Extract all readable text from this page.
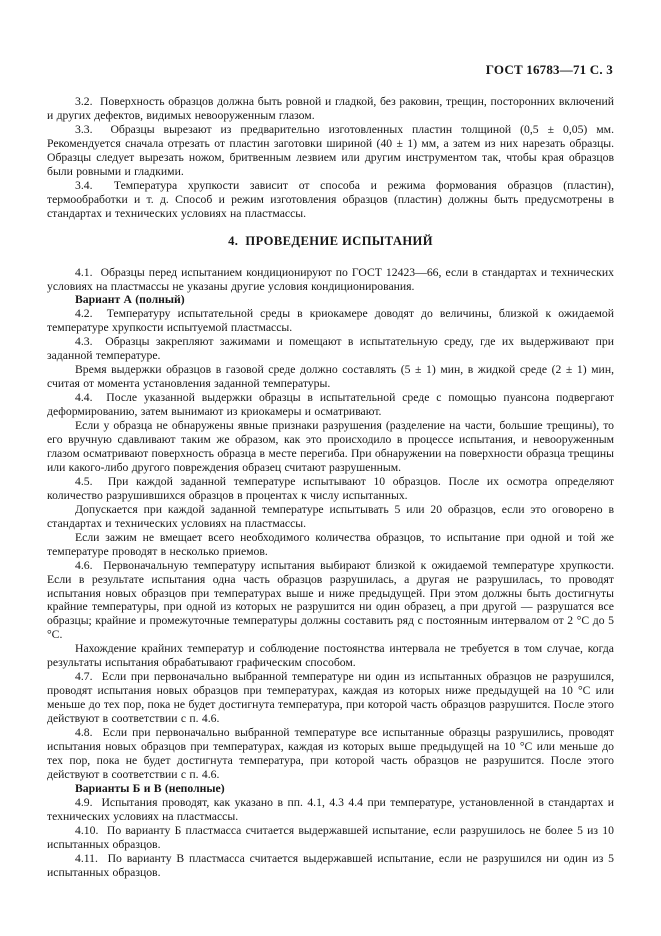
ГОСТ 16783—71 С. 3

3.2.  Поверхность образцов должна быть ровной и гладкой, без раковин, трещин, посторонних включений и других дефектов, видимых невооруженным глазом.

3.3.  Образцы вырезают из предварительно изготовленных пластин толщиной (0,5 ± 0,05) мм. Рекомендуется сначала отрезать от пластин заготовки шириной (40 ± 1) мм, а затем из них нарезать образцы. Образцы следует вырезать ножом, бритвенным лезвием или другим инструментом так, чтобы края образцов были ровными и гладкими.

3.4.  Температура хрупкости зависит от способа и режима формования образцов (пластин), термообработки и т. д. Способ и режим изготовления образцов (пластин) должны быть предусмотрены в стандартах и технических условиях на пластмассы.

4.  ПРОВЕДЕНИЕ ИСПЫТАНИЙ

4.1.  Образцы перед испытанием кондиционируют по ГОСТ 12423—66, если в стандартах и технических условиях на пластмассы не указаны другие условия кондиционирования.

Вариант А (полный)

4.2.  Температуру испытательной среды в криокамере доводят до величины, близкой к ожидаемой температуре хрупкости испытуемой пластмассы.

4.3.  Образцы закрепляют зажимами и помещают в испытательную среду, где их выдерживают при заданной температуре.

Время выдержки образцов в газовой среде должно составлять (5 ± 1) мин, в жидкой среде (2 ± 1) мин, считая от момента установления заданной температуры.

4.4.  После указанной выдержки образцы в испытательной среде с помощью пуансона подвергают деформированию, затем вынимают из криокамеры и осматривают.

Если у образца не обнаружены явные признаки разрушения (разделение на части, большие трещины), то его вручную сдавливают таким же образом, как это происходило в процессе испытания, и невооруженным глазом осматривают поверхность образца в месте перегиба. При обнаружении на поверхности образца трещины или какого-либо другого повреждения образец считают разрушенным.

4.5.  При каждой заданной температуре испытывают 10 образцов. После их осмотра определяют количество разрушившихся образцов в процентах к числу испытанных.

Допускается при каждой заданной температуре испытывать 5 или 20 образцов, если это оговорено в стандартах и технических условиях на пластмассы.

Если зажим не вмещает всего необходимого количества образцов, то испытание при одной и той же температуре проводят в несколько приемов.

4.6.  Первоначальную температуру испытания выбирают близкой к ожидаемой температуре хрупкости. Если в результате испытания одна часть образцов разрушилась, а другая не разрушилась, то проводят испытания новых образцов при температурах выше и ниже предыдущей. При этом должны быть достигнуты крайние температуры, при одной из которых не разрушится ни один образец, а при другой — разрушатся все образцы; крайние и промежуточные температуры должны составить ряд с постоянным интервалом от 2 °С до 5 °С.

Нахождение крайних температур и соблюдение постоянства интервала не требуется в том случае, когда результаты испытания обрабатывают графическим способом.

4.7.  Если при первоначально выбранной температуре ни один из испытанных образцов не разрушился, проводят испытания новых образцов при температурах, каждая из которых ниже предыдущей на 10 °С или меньше до тех пор, пока не будет достигнута температура, при которой часть образцов разрушится. После этого действуют в соответствии с п. 4.6.

4.8.  Если при первоначально выбранной температуре все испытанные образцы разрушились, проводят испытания новых образцов при температурах, каждая из которых выше предыдущей на 10 °С или меньше до тех пор, пока не будет достигнута температура, при которой часть образцов не разрушится. После этого действуют в соответствии с п. 4.6.

Варианты Б и В (неполные)

4.9.  Испытания проводят, как указано в пп. 4.1, 4.3 4.4 при температуре, установленной в стандартах и технических условиях на пластмассы.

4.10.  По варианту Б пластмасса считается выдержавшей испытание, если разрушилось не более 5 из 10 испытанных образцов.

4.11.  По варианту В пластмасса считается выдержавшей испытание, если не разрушился ни один из 5 испытанных образцов.
